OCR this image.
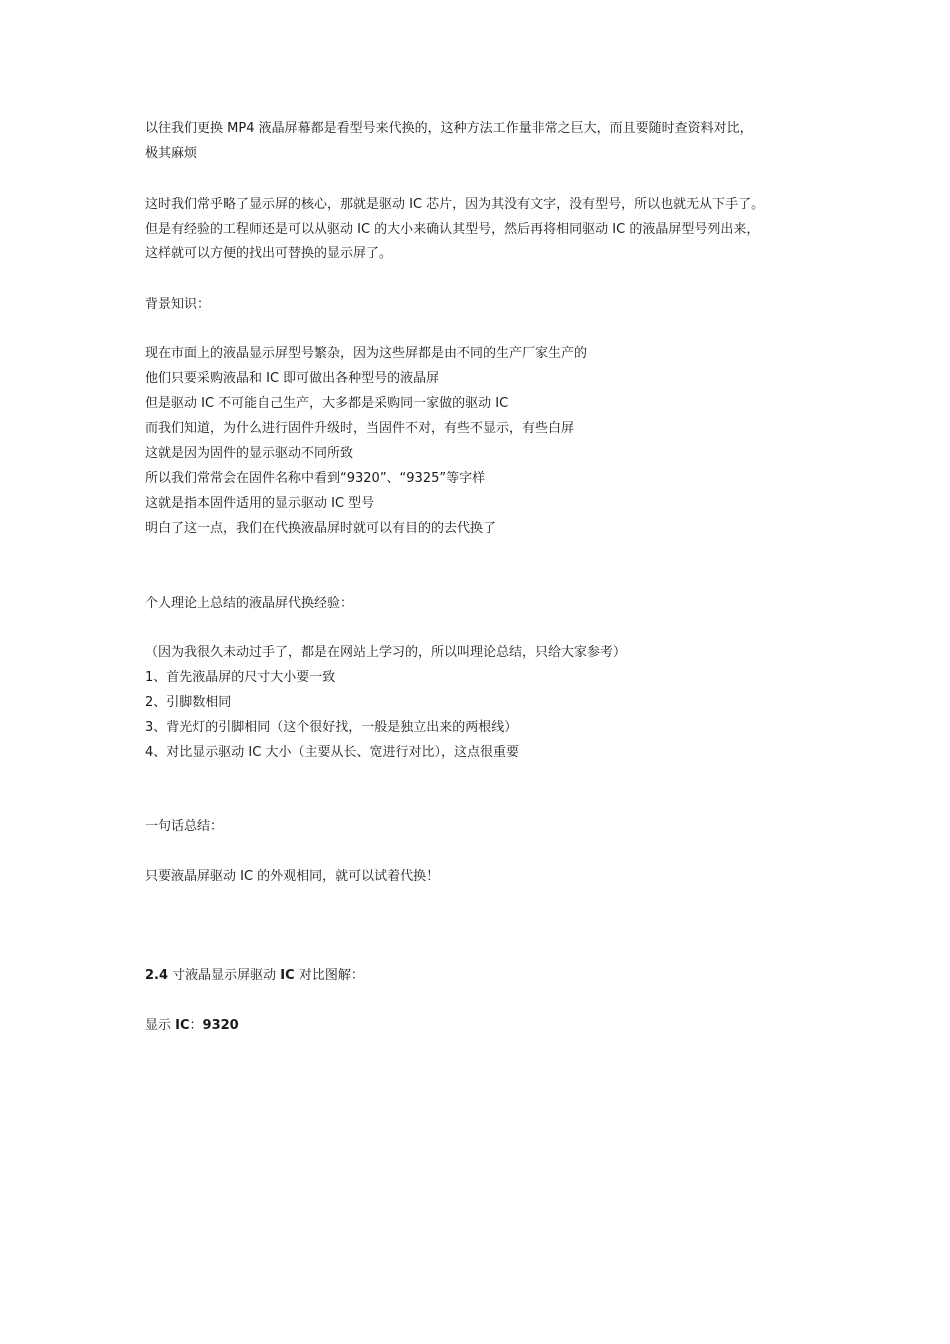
以往我们更换 MP4 液晶屏幕都是看型号来代换的，这种方法工作量非常之巨大，而且要随时查资料对比，
极其麻烦
这时我们常乎略了显示屏的核心，那就是驱动 IC 芯片，因为其没有文字，没有型号，所以也就无从下手了。
但是有经验的工程师还是可以从驱动 IC 的大小来确认其型号，然后再将相同驱动 IC 的液晶屏型号列出来，
这样就可以方便的找出可替换的显示屏了。
背景知识：
现在市面上的液晶显示屏型号繁杂，因为这些屏都是由不同的生产厂家生产的
他们只要采购液晶和 IC 即可做出各种型号的液晶屏
但是驱动 IC 不可能自己生产，大多都是采购同一家做的驱动 IC
而我们知道，为什么进行固件升级时，当固件不对，有些不显示，有些白屏
这就是因为固件的显示驱动不同所致
所以我们常常会在固件名称中看到“9320”、“9325”等字样
这就是指本固件适用的显示驱动 IC 型号
明白了这一点，我们在代换液晶屏时就可以有目的的去代换了
个人理论上总结的液晶屏代换经验：
（因为我很久未动过手了，都是在网站上学习的，所以叫理论总结，只给大家参考）
1、首先液晶屏的尺寸大小要一致
2、引脚数相同
3、背光灯的引脚相同（这个很好找，一般是独立出来的两根线）
4、对比显示驱动 IC 大小（主要从长、宽进行对比），这点很重要
一句话总结：
只要液晶屏驱动 IC 的外观相同，就可以试着代换！
2.4 寸液晶显示屏驱动 IC 对比图解：
显示 IC：9320
